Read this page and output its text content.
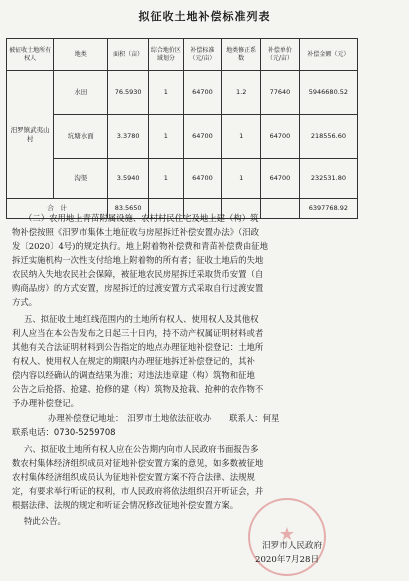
拟征收土地补偿标准列表
被征收土地所有权人	地类	面积（亩）	综合地价区域划分	补偿标准（元/亩）	地类修正系数	补偿单价（元/亩）	补偿金额（元）
汨罗镇武夷山村	水田	76.5930	1	64700	1.2	77640	5946680.52
	坑塘水面	3.3780	1	64700	1	64700	218556.60
	沟渠	3.5940	1	64700	1	64700	232531.80
合　计		83.5650					6397768.92
（二）农用地上青苗附属设施、农村村民住宅及地上建（构）筑
物补偿按照《汨罗市集体土地征收与房屋拆迁补偿安置办法》（汨政
发〔2020〕4号)的规定执行。地上附着物补偿费和青苗补偿费由征地
拆迁实施机构一次性支付给地上附着物的所有者；征收土地后的失地
农民纳入失地农民社会保障，被征地农民房屋拆迁采取货币安置（自
购商品房）的方式安置，房屋拆迁的过渡安置方式采取自行过渡安置
方式。
五、拟征收土地红线范围内的土地所有权人、使用权人及其他权
利人应当在本公告发布之日起三十日内，持不动产权属证明材料或者
其他有关合法证明材料到公告指定的地点办理征地补偿登记：土地所
有权人、使用权人在规定的期限内办理征地拆迁补偿登记的，其补
偿内容以经确认的调查结果为准；对违法违章建（构）筑物和征地
公告之后抢搭、抢建、抢修的建（构）筑物及抢栽、抢种的农作物不
予办理补偿登记。
办理补偿登记地址： 汨罗市土地依法征收办 联系人：何星
联系电话：0730-5259708
六、拟征收土地所有权人应在公告期内向市人民政府书面报告多
数农村集体经济组织成员对征地补偿安置方案的意见，如多数被征地
农村集体经济组织成员认为征地补偿安置方案不符合法律、法规规
定，有要求举行听证的权利，市人民政府将依法组织召开听证会，并
根据法律、法规的规定和听证会情况修改征地补偿安置方案。
特此公告。
★
汨罗市人民政府
2020年7月28日
